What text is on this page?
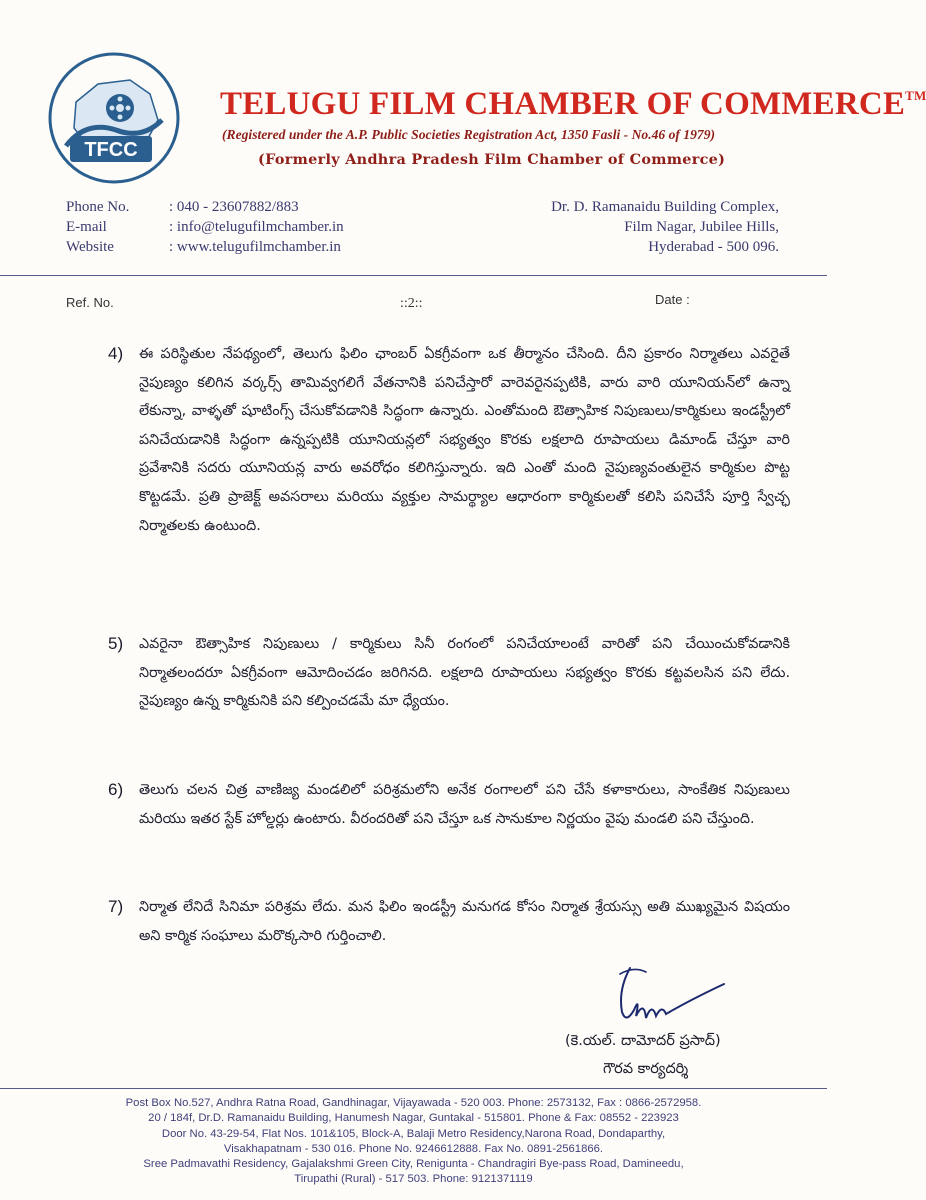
TFCC
TELUGU FILM CHAMBER OF COMMERCE™
(Registered under the A.P. Public Societies Registration Act, 1350 Fasli - No.46 of 1979)
(Formerly Andhra Pradesh Film Chamber of Commerce)
Phone No.	: 040 - 23607882/883
E-mail	: info@telugufilmchamber.in
Website	: www.telugufilmchamber.in
Dr. D. Ramanaidu Building Complex,
Film Nagar, Jubilee Hills,
Hyderabad - 500 096.
Ref. No.	::2::	Date :
4)	ఈ పరిస్థితుల నేపథ్యంలో, తెలుగు ఫిలిం ఛాంబర్ ఏకగ్రీవంగా ఒక తీర్మానం చేసింది. దీని ప్రకారం నిర్మాతలు ఎవరైతే నైపుణ్యం కలిగిన వర్కర్స్ తామివ్వగలిగే వేతనానికి పనిచేస్తారో వారెవరైనప్పటికి, వారు వారి యూనియన్‌లో ఉన్నా లేకున్నా, వాళ్ళతో షూటింగ్స్ చేసుకోవడానికి సిద్ధంగా ఉన్నారు. ఎంతోమంది ఔత్సాహిక నిపుణులు/కార్మికులు ఇండస్ట్రీలో పనిచేయడానికి సిద్ధంగా ఉన్నప్పటికి యూనియన్లలో సభ్యత్వం కొరకు లక్షలాది రూపాయలు డిమాండ్ చేస్తూ వారి ప్రవేశానికి సదరు యూనియన్ల వారు అవరోధం కలిగిస్తున్నారు. ఇది ఎంతో మంది నైపుణ్యవంతులైన కార్మికుల పొట్ట కొట్టడమే. ప్రతి ప్రాజెక్ట్ అవసరాలు మరియు వ్యక్తుల సామర్థ్యాల ఆధారంగా కార్మికులతో కలిసి పనిచేసే పూర్తి స్వేచ్ఛ నిర్మాతలకు ఉంటుంది.
5)	ఎవరైనా ఔత్సాహిక నిపుణులు / కార్మికులు సినీ రంగంలో పనిచేయాలంటే వారితో పని చేయించుకోవడానికి నిర్మాతలందరూ ఏకగ్రీవంగా ఆమోదించడం జరిగినది. లక్షలాది రూపాయలు సభ్యత్వం కొరకు కట్టవలసిన పని లేదు. నైపుణ్యం ఉన్న కార్మికునికి పని కల్పించడమే మా ధ్యేయం.
6)	తెలుగు చలన చిత్ర వాణిజ్య మండలిలో పరిశ్రమలోని అనేక రంగాలలో పని చేసే కళాకారులు, సాంకేతిక నిపుణులు మరియు ఇతర స్టేక్ హోల్డర్లు ఉంటారు. వీరందరితో పని చేస్తూ ఒక సానుకూల నిర్ణయం వైపు మండలి పని చేస్తుంది.
7)	నిర్మాత లేనిదే సినిమా పరిశ్రమ లేదు. మన ఫిలిం ఇండస్ట్రీ మనుగడ కోసం నిర్మాత శ్రేయస్సు అతి ముఖ్యమైన విషయం అని కార్మిక సంఘాలు మరొక్కసారి గుర్తించాలి.
(కె.యల్. దామోదర్ ప్రసాద్)
గౌరవ కార్యదర్శి
Post Box No.527, Andhra Ratna Road, Gandhinagar, Vijayawada - 520 003. Phone: 2573132, Fax : 0866-2572958.
20 / 184f, Dr.D. Ramanaidu Building, Hanumesh Nagar, Guntakal - 515801. Phone & Fax: 08552 - 223923
Door No. 43-29-54, Flat Nos. 101&105, Block-A, Balaji Metro Residency,Narona Road, Dondaparthy,
Visakhapatnam - 530 016. Phone No. 9246612888. Fax No. 0891-2561866.
Sree Padmavathi Residency, Gajalakshmi Green City, Renigunta - Chandragiri Bye-pass Road, Damineedu,
Tirupathi (Rural) - 517 503. Phone: 9121371119
